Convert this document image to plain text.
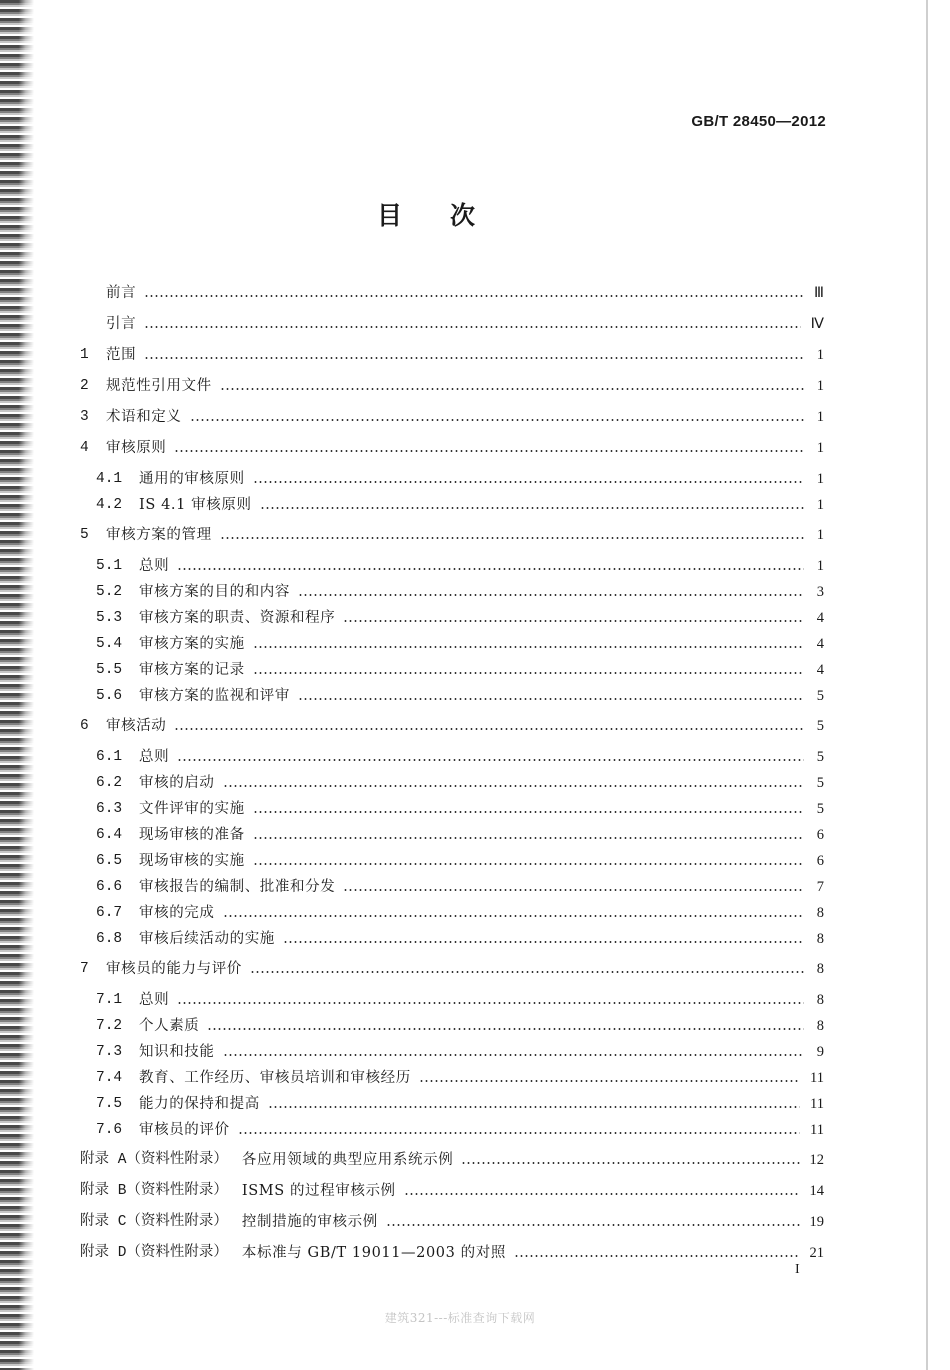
GB/T 28450—2012
目次
前言	Ⅲ
引言	Ⅳ
1	范围	1
2	规范性引用文件	1
3	术语和定义	1
4	审核原则	1
4.1	通用的审核原则	1
4.2	IS 4.1 审核原则	1
5	审核方案的管理	1
5.1	总则	1
5.2	审核方案的目的和内容	3
5.3	审核方案的职责、资源和程序	4
5.4	审核方案的实施	4
5.5	审核方案的记录	4
5.6	审核方案的监视和评审	5
6	审核活动	5
6.1	总则	5
6.2	审核的启动	5
6.3	文件评审的实施	5
6.4	现场审核的准备	6
6.5	现场审核的实施	6
6.6	审核报告的编制、批准和分发	7
6.7	审核的完成	8
6.8	审核后续活动的实施	8
7	审核员的能力与评价	8
7.1	总则	8
7.2	个人素质	8
7.3	知识和技能	9
7.4	教育、工作经历、审核员培训和审核经历	11
7.5	能力的保持和提高	11
7.6	审核员的评价	11
附录 A（资料性附录） 各应用领域的典型应用系统示例	12
附录 B（资料性附录） ISMS 的过程审核示例	14
附录 C（资料性附录） 控制措施的审核示例	19
附录 D（资料性附录） 本标准与 GB/T 19011—2003 的对照	21
I
建筑321---标准查询下载网
